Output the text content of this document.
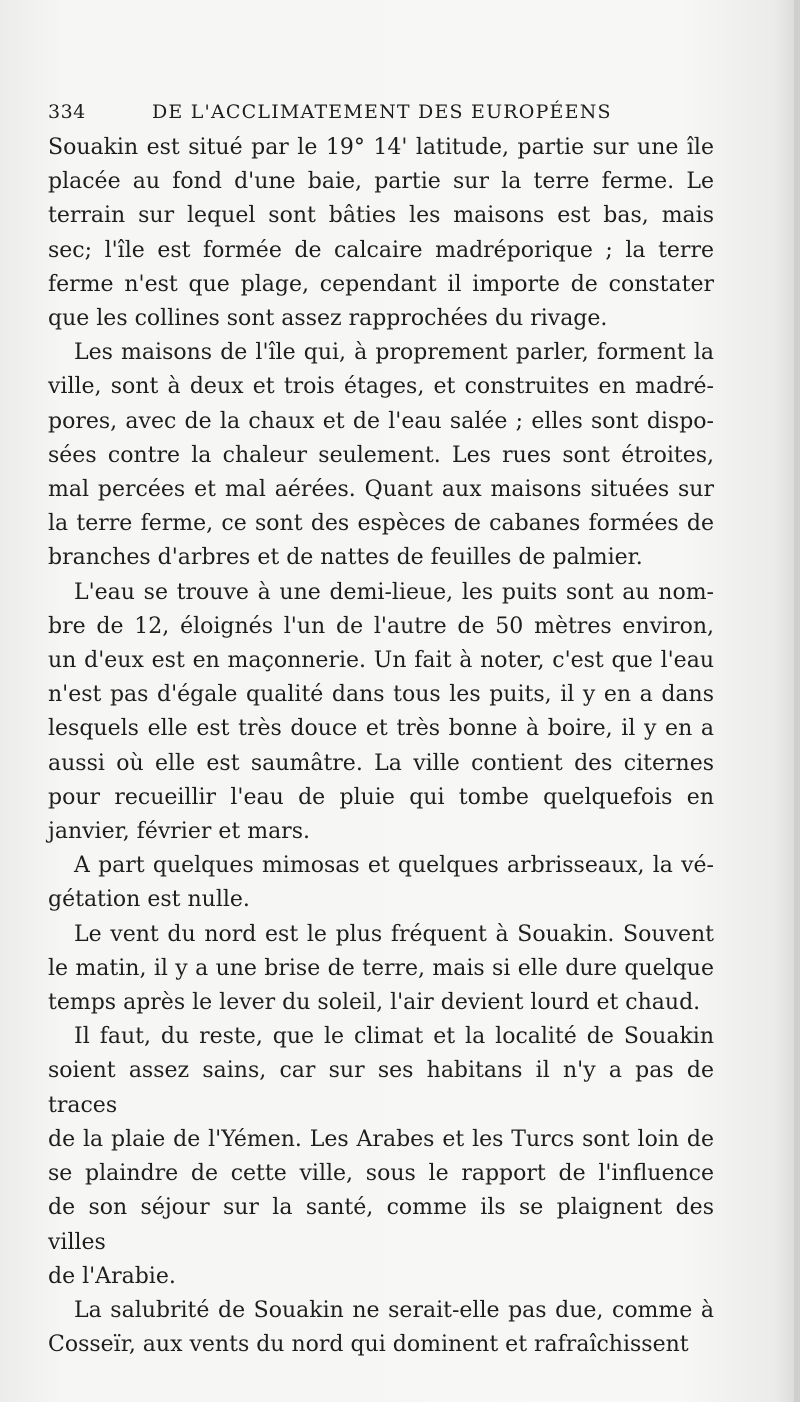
334	DE L'ACCLIMATEMENT DES EUROPÉENS
Souakin est situé par le 19° 14' latitude, partie sur une île
placée au fond d'une baie, partie sur la terre ferme. Le
terrain sur lequel sont bâties les maisons est bas, mais
sec; l'île est formée de calcaire madréporique ; la terre
ferme n'est que plage, cependant il importe de constater
que les collines sont assez rapprochées du rivage.
Les maisons de l'île qui, à proprement parler, forment la
ville, sont à deux et trois étages, et construites en madré-
pores, avec de la chaux et de l'eau salée ; elles sont dispo-
sées contre la chaleur seulement. Les rues sont étroites,
mal percées et mal aérées. Quant aux maisons situées sur
la terre ferme, ce sont des espèces de cabanes formées de
branches d'arbres et de nattes de feuilles de palmier.
L'eau se trouve à une demi-lieue, les puits sont au nom-
bre de 12, éloignés l'un de l'autre de 50 mètres environ,
un d'eux est en maçonnerie. Un fait à noter, c'est que l'eau
n'est pas d'égale qualité dans tous les puits, il y en a dans
lesquels elle est très douce et très bonne à boire, il y en a
aussi où elle est saumâtre. La ville contient des citernes
pour recueillir l'eau de pluie qui tombe quelquefois en
janvier, février et mars.
A part quelques mimosas et quelques arbrisseaux, la vé-
gétation est nulle.
Le vent du nord est le plus fréquent à Souakin. Souvent
le matin, il y a une brise de terre, mais si elle dure quelque
temps après le lever du soleil, l'air devient lourd et chaud.
Il faut, du reste, que le climat et la localité de Souakin
soient assez sains, car sur ses habitans il n'y a pas de traces
de la plaie de l'Yémen. Les Arabes et les Turcs sont loin de
se plaindre de cette ville, sous le rapport de l'influence
de son séjour sur la santé, comme ils se plaignent des villes
de l'Arabie.
La salubrité de Souakin ne serait-elle pas due, comme à
Cosseïr, aux vents du nord qui dominent et rafraîchissent
